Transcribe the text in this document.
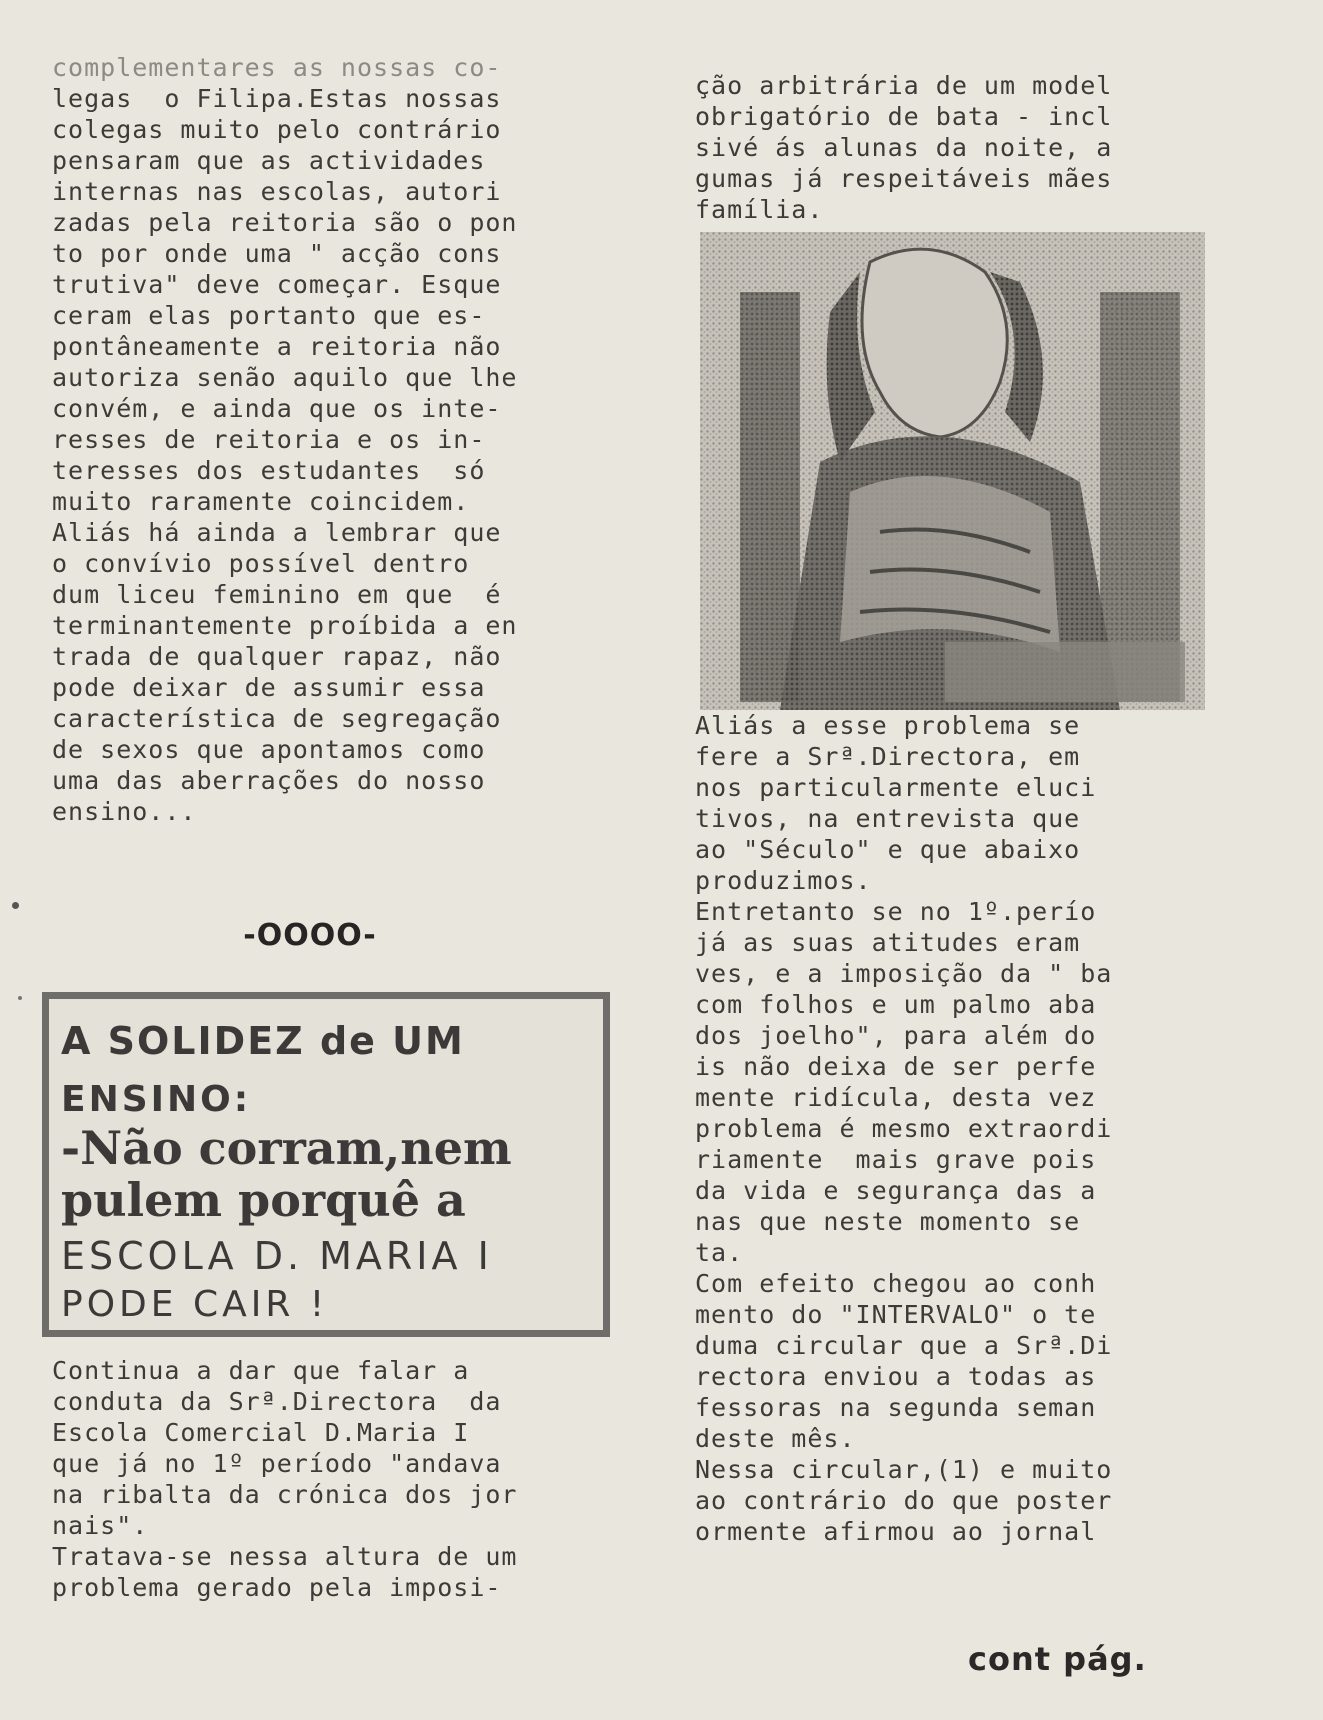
complementares as nossas co-
legas  o Filipa.Estas nossas
colegas muito pelo contrário
pensaram que as actividades
internas nas escolas, autori
zadas pela reitoria são o pon
to por onde uma " acção cons
trutiva" deve começar. Esque
ceram elas portanto que es-
pontâneamente a reitoria não
autoriza senão aquilo que lhe
convém, e ainda que os inte-
resses de reitoria e os in-
teresses dos estudantes  só
muito raramente coincidem.
Aliás há ainda a lembrar que
o convívio possível dentro
dum liceu feminino em que  é
terminantemente proíbida a en
trada de qualquer rapaz, não
pode deixar de assumir essa
característica de segregação
de sexos que apontamos como
uma das aberrações do nosso
ensino...
-OOOO-
A SOLIDEZ de UM
ENSINO:
-Não corram,nem
pulem porquê a
ESCOLA D. MARIA I
PODE CAIR !
Continua a dar que falar a
conduta da Srª.Directora  da
Escola Comercial D.Maria I
que já no 1º período "andava
na ribalta da crónica dos jor
nais".
Tratava-se nessa altura de um
problema gerado pela imposi-
ção arbitrária de um model
obrigatório de bata - incl
sivé ás alunas da noite, a
gumas já respeitáveis mães
família.
Aliás a esse problema se
fere a Srª.Directora, em
nos particularmente eluci
tivos, na entrevista que
ao "Século" e que abaixo
produzimos.
Entretanto se no 1º.perío
já as suas atitudes eram
ves, e a imposição da " ba
com folhos e um palmo aba
dos joelho", para além do
is não deixa de ser perfe
mente ridícula, desta vez
problema é mesmo extraordi
riamente  mais grave pois
da vida e segurança das a
nas que neste momento se
ta.
Com efeito chegou ao conh
mento do "INTERVALO" o te
duma circular que a Srª.Di
rectora enviou a todas as
fessoras na segunda seman
deste mês.
Nessa circular,(1) e muito
ao contrário do que poster
ormente afirmou ao jornal
cont pág.
